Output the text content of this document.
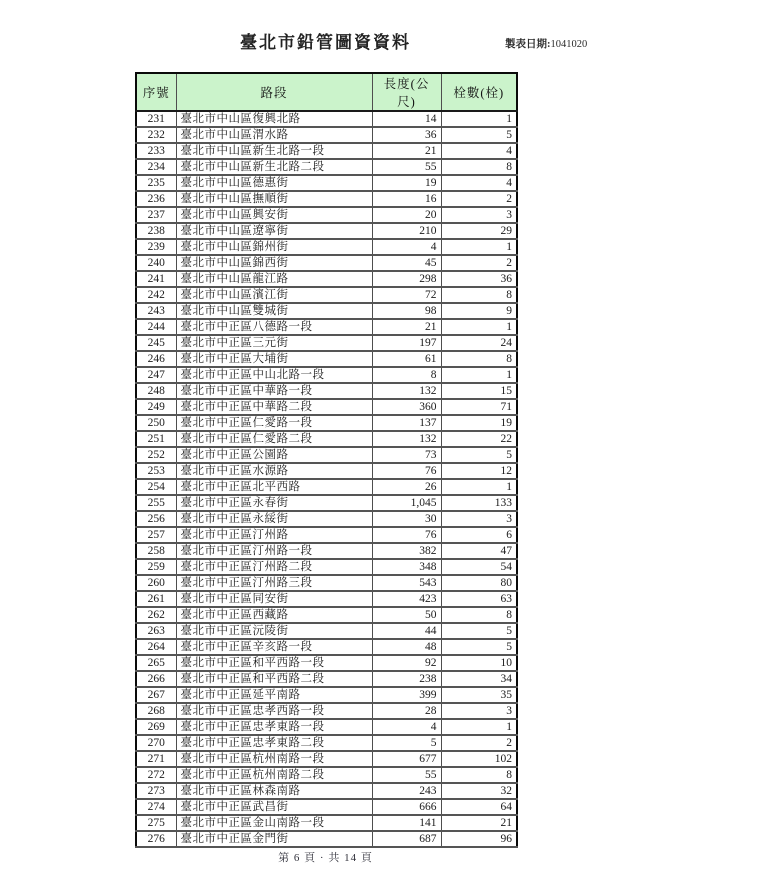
臺北市鉛管圖資資料	製表日期:1041020
序號	路段	長度(公尺)	栓數(栓)
231	臺北市中山區復興北路	14	1
232	臺北市中山區渭水路	36	5
233	臺北市中山區新生北路一段	21	4
234	臺北市中山區新生北路二段	55	8
235	臺北市中山區德惠街	19	4
236	臺北市中山區撫順街	16	2
237	臺北市中山區興安街	20	3
238	臺北市中山區遼寧街	210	29
239	臺北市中山區錦州街	4	1
240	臺北市中山區錦西街	45	2
241	臺北市中山區龍江路	298	36
242	臺北市中山區濱江街	72	8
243	臺北市中山區雙城街	98	9
244	臺北市中正區八德路一段	21	1
245	臺北市中正區三元街	197	24
246	臺北市中正區大埔街	61	8
247	臺北市中正區中山北路一段	8	1
248	臺北市中正區中華路一段	132	15
249	臺北市中正區中華路二段	360	71
250	臺北市中正區仁愛路一段	137	19
251	臺北市中正區仁愛路二段	132	22
252	臺北市中正區公園路	73	5
253	臺北市中正區水源路	76	12
254	臺北市中正區北平西路	26	1
255	臺北市中正區永春街	1,045	133
256	臺北市中正區永綏街	30	3
257	臺北市中正區汀州路	76	6
258	臺北市中正區汀州路一段	382	47
259	臺北市中正區汀州路二段	348	54
260	臺北市中正區汀州路三段	543	80
261	臺北市中正區同安街	423	63
262	臺北市中正區西藏路	50	8
263	臺北市中正區沅陵街	44	5
264	臺北市中正區辛亥路一段	48	5
265	臺北市中正區和平西路一段	92	10
266	臺北市中正區和平西路二段	238	34
267	臺北市中正區延平南路	399	35
268	臺北市中正區忠孝西路一段	28	3
269	臺北市中正區忠孝東路一段	4	1
270	臺北市中正區忠孝東路二段	5	2
271	臺北市中正區杭州南路一段	677	102
272	臺北市中正區杭州南路二段	55	8
273	臺北市中正區林森南路	243	32
274	臺北市中正區武昌街	666	64
275	臺北市中正區金山南路一段	141	21
276	臺北市中正區金門街	687	96
第 6 頁 · 共 14 頁
